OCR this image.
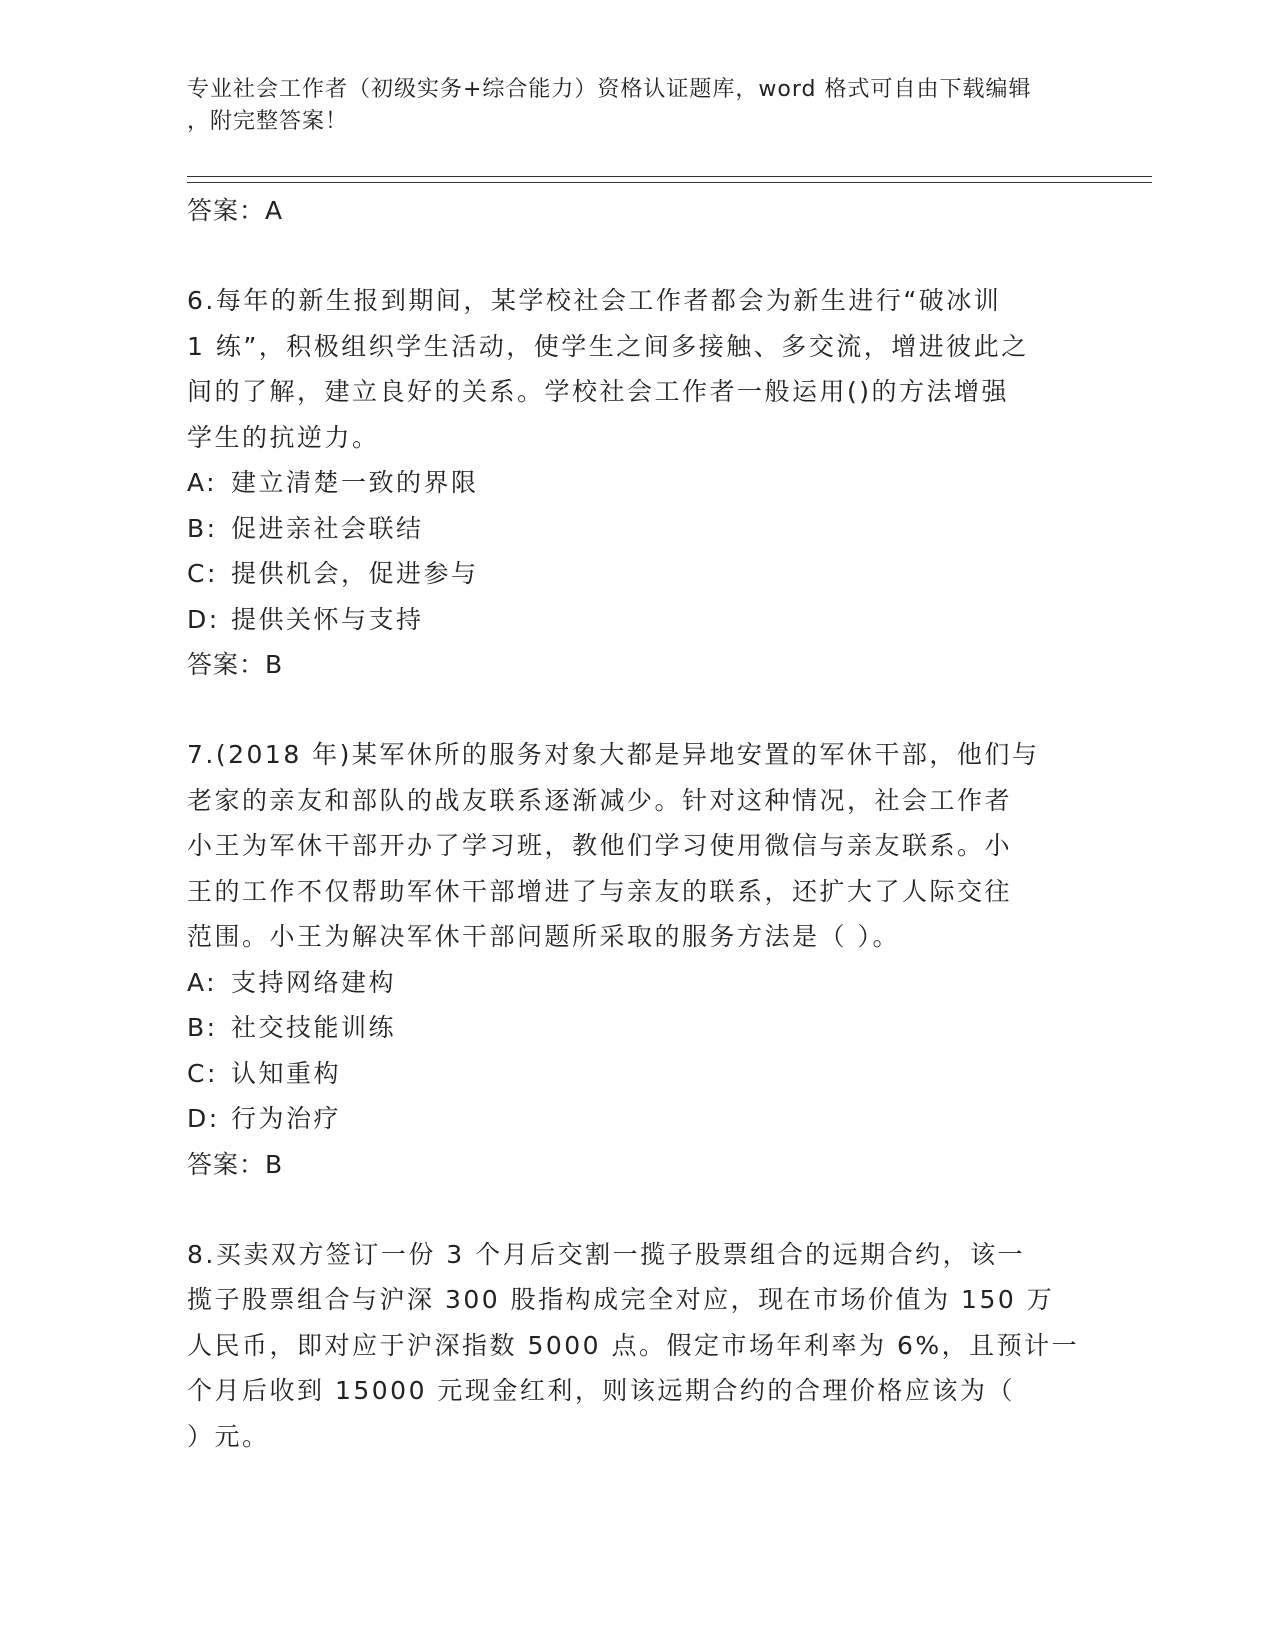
专业社会工作者（初级实务+综合能力）资格认证题库，word 格式可自由下载编辑
，附完整答案！
答案：A
6.每年的新生报到期间，某学校社会工作者都会为新生进行“破冰训
1 练”，积极组织学生活动，使学生之间多接触、多交流，增进彼此之
间的了解，建立良好的关系。学校社会工作者一般运用()的方法增强
学生的抗逆力。
A: 建立清楚一致的界限
B: 促进亲社会联结
C: 提供机会，促进参与
D: 提供关怀与支持
答案：B
7.(2018 年)某军休所的服务对象大都是异地安置的军休干部，他们与
老家的亲友和部队的战友联系逐渐减少。针对这种情况，社会工作者
小王为军休干部开办了学习班，教他们学习使用微信与亲友联系。小
王的工作不仅帮助军休干部增进了与亲友的联系，还扩大了人际交往
范围。小王为解决军休干部问题所采取的服务方法是（ ）。
A: 支持网络建构
B: 社交技能训练
C: 认知重构
D: 行为治疗
答案：B
8.买卖双方签订一份 3 个月后交割一揽子股票组合的远期合约，该一
揽子股票组合与沪深 300 股指构成完全对应，现在市场价值为 150 万
人民币，即对应于沪深指数 5000 点。假定市场年利率为 6%，且预计一
个月后收到 15000 元现金红利，则该远期合约的合理价格应该为（
）元。
